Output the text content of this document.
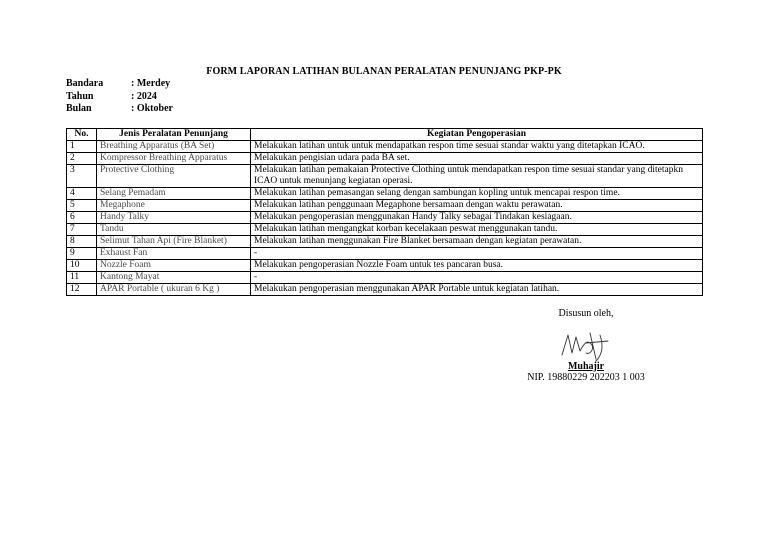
FORM LAPORAN LATIHAN BULANAN PERALATAN PENUNJANG PKP-PK
Bandara	: Merdey
Tahun	: 2024
Bulan	: Oktober
No.	Jenis Peralatan Penunjang	Kegiatan Pengoperasian
1	Breathing Apparatus (BA Set)	Melakukan latihan untuk untuk mendapatkan respon time sesuai standar waktu yang ditetapkan ICAO.
2	Kompressor Breathing Apparatus	Melakukan pengisian udara pada BA set.
3	Protective Clothing	Melakukan latihan pemakaian Protective Clothing untuk mendapatkan respon time sesuai standar yang ditetapkn ICAO untuk menunjang kegiatan operasi.
4	Selang Pemadam	Melakukan latihan pemasangan selang dengan sambungan kopling untuk mencapai respon time.
5	Megaphone	Melakukan latihan penggunaan Megaphone bersamaan dengan waktu perawatan.
6	Handy Talky	Melakukan pengoperasian menggunakan Handy Talky sebagai Tindakan kesiagaan.
7	Tandu	Melakukan latihan mengangkat korban kecelakaan peswat menggunakan tandu.
8	Selimut Tahan Api (Fire Blanket)	Melakukan latihan menggunakan Fire Blanket bersamaan dengan kegiatan perawatan.
9	Exhaust Fan	-
10	Nozzle Foam	Melakukan pengoperasian Nozzle Foam untuk tes pancaran busa.
11	Kantong Mayat	-
12	APAR Portable ( ukuran 6 Kg )	Melakukan pengoperasian menggunakan APAR Portable untuk kegiatan latihan.
Disusun oleh,
Muhajir
NIP. 19880229 202203 1 003
